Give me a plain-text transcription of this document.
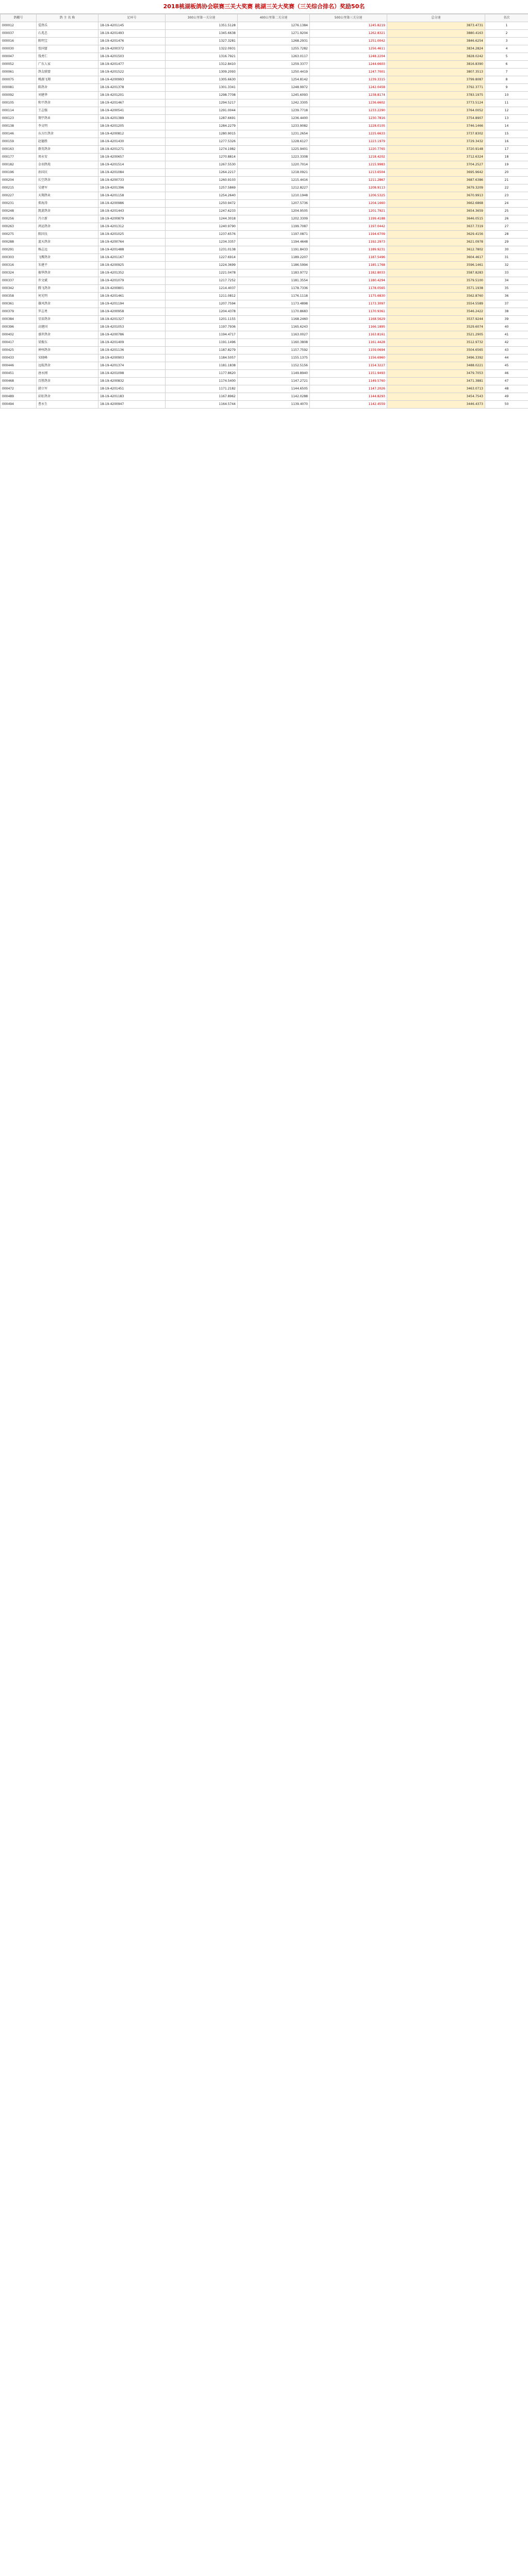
2018桃湖板鸽协会联赛三关大奖赛 桃湖三关大奖赛（三关综合排名）奖励50名
鸽棚号	鸽 主 名 称	足环号	300公里第一关分速	400公里第二关分速	500公里第三关分速	总分速	名次
000012	爱鸽乐	18-19-4201145	1351.5128	1276.1384	1245.8219	3873.4731	1
000037	石兆忠	18-19-4201493	1345.6638	1271.9204	1262.8321	3880.4163	2
000016	陈明宝	18-19-4201476	1327.3281	1268.2931	1251.0042	3846.6254	3
000030	张国富	18-19-4200372	1322.0931	1255.7282	1256.4611	3834.2824	4
000047	钱勇仁	18-19-4201503	1316.7921	1263.0117	1248.2204	3828.0242	5
000052	广东人家	18-19-4201477	1312.8410	1259.3377	1244.6603	3816.8390	6
000061	鸽友联盟	18-19-4201522	1309.2093	1250.4419	1247.7001	3807.3513	7
000075	桃湖飞翔	18-19-4200993	1305.6630	1254.8142	1239.3315	3799.8087	8
000081	陈鸽舍	18-19-4201378	1301.3341	1248.9972	1242.0458	3792.3771	9
000092	刘建华	18-19-4201201	1298.7708	1245.6093	1238.8174	3783.1975	10
000105	和平鸽舍	18-19-4201467	1294.5217	1242.3305	1236.6602	3773.5124	11
000114	王志强	18-19-4200541	1291.0044	1239.7718	1233.2290	3764.0052	12
000123	翔宇鸽业	18-19-4201389	1287.6691	1236.4400	1230.7816	3754.8907	13
000138	李文明	18-19-4201205	1284.2279	1233.9082	1228.0105	3746.1466	14
000146	东方红鸽舍	18-19-4200812	1280.9015	1231.2654	1225.6633	3737.8302	15
000159	赵德胜	18-19-4201430	1277.5326	1228.6127	1223.1979	3729.3432	16
000163	群英鸽舍	18-19-4201271	1274.1982	1225.9401	1220.7765	3720.9148	17
000177	周永安	18-19-4200657	1270.8814	1223.3308	1218.4202	3712.6324	18
000182	金羽鸽苑	18-19-4201514	1267.5530	1220.7014	1215.9983	3704.2527	19
000196	孙国庆	18-19-4201084	1264.2217	1218.0921	1213.6504	3695.9642	20
000204	长空鸽舍	18-19-4200733	1260.9103	1215.4416	1211.2867	3687.6386	21
000215	吴建军	18-19-4201396	1257.5869	1212.8227	1208.9113	3679.3209	22
000227	天翔鸽业	18-19-4201158	1254.2640	1210.1948	1206.5325	3670.9913	23
000231	郑海涛	18-19-4200986	1250.9472	1207.5736	1204.1660	3662.6868	24
000248	凯旋鸽舍	18-19-4201443	1247.6233	1204.9505	1201.7921	3654.3659	25
000256	冯立新	18-19-4200879	1244.3018	1202.3309	1199.4188	3646.0515	26
000263	鸿运鸽舍	18-19-4201312	1240.9790	1199.7087	1197.0442	3637.7319	27
000275	陈国良	18-19-4201025	1237.6576	1197.0871	1194.6709	3629.4156	28
000288	蓝天鸽舍	18-19-4200764	1234.3357	1194.4648	1192.2973	3621.0978	29
000291	杨志远	18-19-4201488	1231.0138	1191.8433	1189.9231	3612.7802	30
000303	飞鹰鸽舍	18-19-4201167	1227.6914	1189.2207	1187.5496	3604.4617	31
000316	朱建平	18-19-4200925	1224.3699	1186.5994	1185.1768	3596.1461	32
000324	振华鸽舍	18-19-4201352	1221.0478	1183.9772	1182.8033	3587.8283	33
000337	许文斌	18-19-4201079	1217.7252	1181.3554	1180.4294	3579.5100	34
000342	腾飞鸽舍	18-19-4200801	1214.4037	1178.7336	1178.0565	3571.1938	35
000358	何光明	18-19-4201461	1211.0812	1176.1118	1175.6830	3562.8760	36
000361	雄风鸽舍	18-19-4201194	1207.7594	1173.4898	1173.3097	3554.5589	37
000379	罗志勇	18-19-4200958	1204.4378	1170.8683	1170.9361	3546.2422	38
000384	星辰鸽舍	18-19-4201327	1201.1155	1168.2460	1168.5629	3537.9244	39
000396	高建国	18-19-4201053	1197.7936	1165.6243	1166.1895	3529.6074	40
000402	盛世鸽舍	18-19-4200786	1194.4717	1163.0027	1163.8161	3521.2905	41
000417	梁振东	18-19-4201409	1191.1496	1160.3808	1161.4428	3512.9732	42
000425	神州鸽舍	18-19-4201136	1187.8279	1157.7592	1159.0694	3504.6565	43
000433	宋晓峰	18-19-4200903	1184.5057	1155.1375	1156.6960	3496.3392	44
000446	远航鸽舍	18-19-4201374	1181.1838	1152.5156	1154.3227	3488.0221	45
000451	唐永刚	18-19-4201098	1177.8620	1149.8940	1151.9493	3479.7053	46
000468	百胜鸽舍	18-19-4200832	1174.5400	1147.2721	1149.5760	3471.3881	47
000472	韩立军	18-19-4201451	1171.2182	1144.6505	1147.2026	3463.0713	48
000489	彩虹鸽舍	18-19-4201183	1167.8962	1142.0288	1144.8293	3454.7543	49
000494	曹永生	18-19-4200947	1164.5744	1139.4070	1142.4559	3446.4373	50
